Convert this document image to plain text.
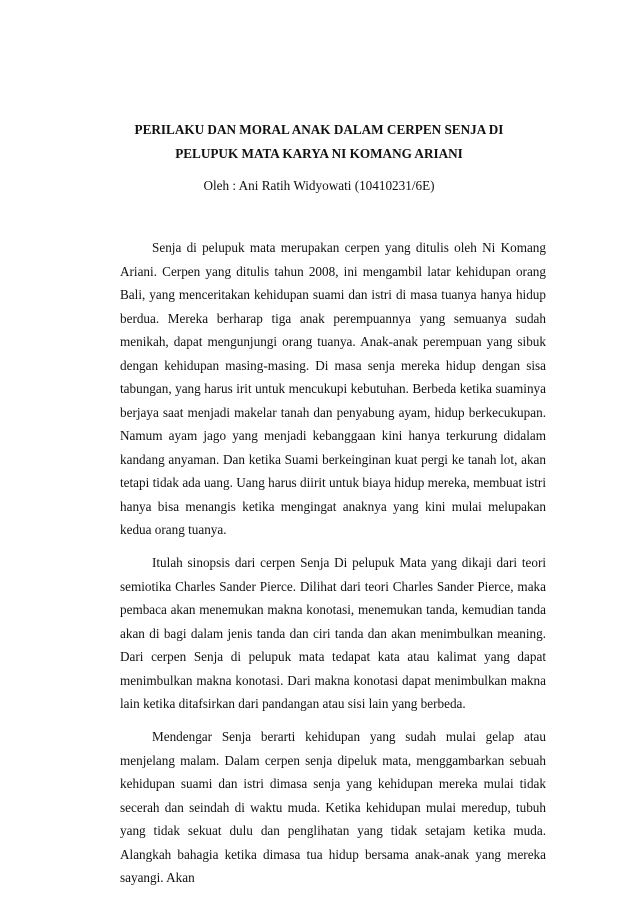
PERILAKU DAN MORAL ANAK DALAM CERPEN SENJA DI
PELUPUK MATA KARYA NI KOMANG ARIANI
Oleh : Ani Ratih Widyowati (10410231/6E)

Senja di pelupuk mata merupakan cerpen yang ditulis oleh Ni Komang Ariani. Cerpen yang ditulis tahun 2008, ini mengambil latar kehidupan orang Bali, yang menceritakan kehidupan suami dan istri di masa tuanya hanya hidup berdua. Mereka berharap tiga anak perempuannya yang semuanya sudah menikah, dapat mengunjungi orang tuanya. Anak-anak perempuan yang sibuk dengan kehidupan masing-masing. Di masa senja mereka hidup dengan sisa tabungan, yang harus irit untuk mencukupi kebutuhan. Berbeda ketika suaminya berjaya saat menjadi makelar tanah dan penyabung ayam, hidup berkecukupan. Namum ayam jago yang menjadi kebanggaan kini hanya terkurung didalam kandang anyaman. Dan ketika Suami berkeinginan kuat pergi ke tanah lot, akan tetapi tidak ada uang. Uang harus diirit untuk biaya hidup mereka, membuat istri hanya bisa menangis ketika mengingat anaknya yang kini mulai melupakan kedua orang tuanya.

Itulah sinopsis dari cerpen Senja Di pelupuk Mata yang dikaji dari teori semiotika Charles Sander Pierce. Dilihat dari teori Charles Sander Pierce, maka pembaca akan menemukan makna konotasi, menemukan tanda, kemudian tanda akan di bagi dalam jenis tanda dan ciri tanda dan akan menimbulkan meaning. Dari cerpen Senja di pelupuk mata tedapat kata atau kalimat yang dapat menimbulkan makna konotasi. Dari makna konotasi dapat menimbulkan makna lain ketika ditafsirkan dari pandangan atau sisi lain yang berbeda.

Mendengar Senja berarti kehidupan yang sudah mulai gelap atau menjelang malam. Dalam cerpen senja dipeluk mata, menggambarkan sebuah kehidupan suami dan istri dimasa senja yang kehidupan mereka mulai tidak secerah dan seindah di waktu muda. Ketika kehidupan mulai meredup, tubuh yang tidak sekuat dulu dan penglihatan yang tidak setajam ketika muda. Alangkah bahagia ketika dimasa tua hidup bersama anak-anak yang mereka sayangi. Akan
